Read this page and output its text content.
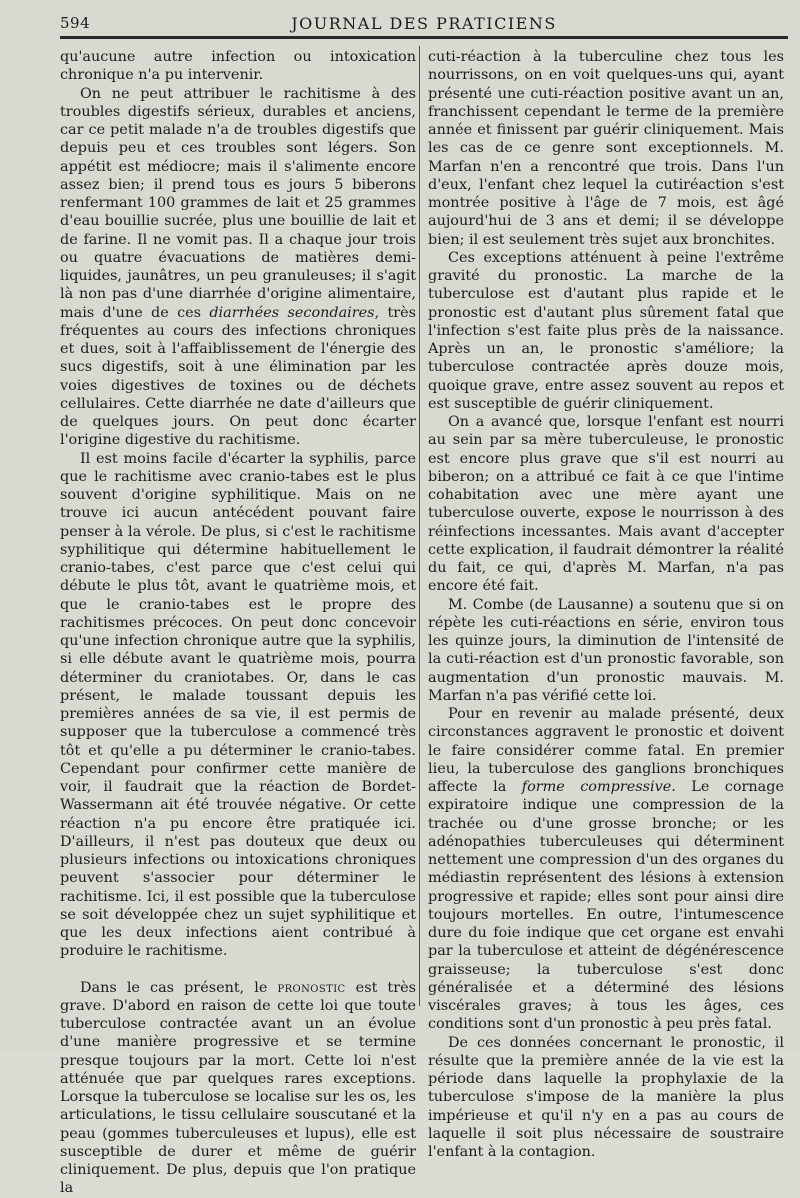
594	JOURNAL DES PRATICIENS

qu'aucune autre infection ou intoxication chronique n'a pu intervenir.

On ne peut attribuer le rachitisme à des troubles digestifs sérieux, durables et anciens, car ce petit malade n'a de troubles digestifs que depuis peu et ces troubles sont légers. Son appétit est médiocre; mais il s'alimente encore assez bien; il prend tous es jours 5 biberons renfermant 100 grammes de lait et 25 grammes d'eau bouillie sucrée, plus une bouillie de lait et de farine. Il ne vomit pas. Il a chaque jour trois ou quatre évacuations de matières demi-liquides, jaunâtres, un peu granuleuses; il s'agit là non pas d'une diarrhée d'origine alimentaire, mais d'une de ces diarrhées secondaires, très fréquentes au cours des infections chroniques et dues, soit à l'affaiblissement de l'énergie des sucs digestifs, soit à une élimination par les voies digestives de toxines ou de déchets cellulaires. Cette diarrhée ne date d'ailleurs que de quelques jours. On peut donc écarter l'origine digestive du rachitisme.

Il est moins facile d'écarter la syphilis, parce que le rachitisme avec cranio-tabes est le plus souvent d'origine syphilitique. Mais on ne trouve ici aucun antécédent pouvant faire penser à la vérole. De plus, si c'est le rachitisme syphilitique qui détermine habituellement le cranio-tabes, c'est parce que c'est celui qui débute le plus tôt, avant le quatrième mois, et que le cranio-tabes est le propre des rachitismes précoces. On peut donc concevoir qu'une infection chronique autre que la syphilis, si elle débute avant le quatrième mois, pourra déterminer du craniotabes. Or, dans le cas présent, le malade toussant depuis les premières années de sa vie, il est permis de supposer que la tuberculose a commencé très tôt et qu'elle a pu déterminer le cranio-tabes. Cependant pour confirmer cette manière de voir, il faudrait que la réaction de Bordet-Wassermann ait été trouvée négative. Or cette réaction n'a pu encore être pratiquée ici. D'ailleurs, il n'est pas douteux que deux ou plusieurs infections ou intoxications chroniques peuvent s'associer pour déterminer le rachitisme. Ici, il est possible que la tuberculose se soit développée chez un sujet syphilitique et que les deux infections aient contribué à produire le rachitisme.

Dans le cas présent, le pronostic est très grave. D'abord en raison de cette loi que toute tuberculose contractée avant un an évolue d'une manière progressive et se termine presque toujours par la mort. Cette loi n'est atténuée que par quelques rares exceptions. Lorsque la tuberculose se localise sur les os, les articulations, le tissu cellulaire souscutané et la peau (gommes tuberculeuses et lupus), elle est susceptible de durer et même de guérir cliniquement. De plus, depuis que l'on pratique la

cuti-réaction à la tuberculine chez tous les nourrissons, on en voit quelques-uns qui, ayant présenté une cuti-réaction positive avant un an, franchissent cependant le terme de la première année et finissent par guérir cliniquement. Mais les cas de ce genre sont exceptionnels. M. Marfan n'en a rencontré que trois. Dans l'un d'eux, l'enfant chez lequel la cutiréaction s'est montrée positive à l'âge de 7 mois, est âgé aujourd'hui de 3 ans et demi; il se développe bien; il est seulement très sujet aux bronchites.

Ces exceptions atténuent à peine l'extrême gravité du pronostic. La marche de la tuberculose est d'autant plus rapide et le pronostic est d'autant plus sûrement fatal que l'infection s'est faite plus près de la naissance. Après un an, le pronostic s'améliore; la tuberculose contractée après douze mois, quoique grave, entre assez souvent au repos et est susceptible de guérir cliniquement.

On a avancé que, lorsque l'enfant est nourri au sein par sa mère tuberculeuse, le pronostic est encore plus grave que s'il est nourri au biberon; on a attribué ce fait à ce que l'intime cohabitation avec une mère ayant une tuberculose ouverte, expose le nourrisson à des réinfections incessantes. Mais avant d'accepter cette explication, il faudrait démontrer la réalité du fait, ce qui, d'après M. Marfan, n'a pas encore été fait.

M. Combe (de Lausanne) a soutenu que si on répète les cuti-réactions en série, environ tous les quinze jours, la diminution de l'intensité de la cuti-réaction est d'un pronostic favorable, son augmentation d'un pronostic mauvais. M. Marfan n'a pas vérifié cette loi.

Pour en revenir au malade présenté, deux circonstances aggravent le pronostic et doivent le faire considérer comme fatal. En premier lieu, la tuberculose des ganglions bronchiques affecte la forme compressive. Le cornage expiratoire indique une compression de la trachée ou d'une grosse bronche; or les adénopathies tuberculeuses qui déterminent nettement une compression d'un des organes du médiastin représentent des lésions à extension progressive et rapide; elles sont pour ainsi dire toujours mortelles. En outre, l'intumescence dure du foie indique que cet organe est envahi par la tuberculose et atteint de dégénérescence graisseuse; la tuberculose s'est donc généralisée et a déterminé des lésions viscérales graves; à tous les âges, ces conditions sont d'un pronostic à peu près fatal.

De ces données concernant le pronostic, il résulte que la première année de la vie est la période dans laquelle la prophylaxie de la tuberculose s'impose de la manière la plus impérieuse et qu'il n'y en a pas au cours de laquelle il soit plus nécessaire de soustraire l'enfant à la contagion.
